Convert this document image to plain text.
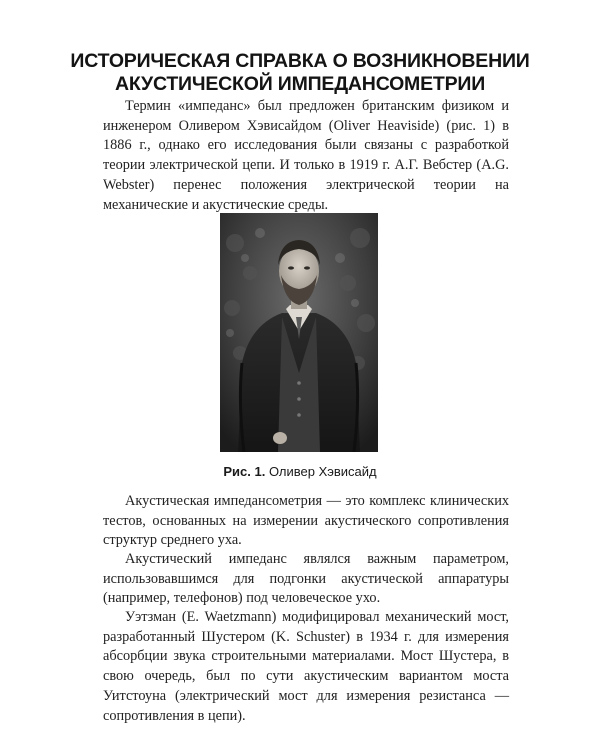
ИСТОРИЧЕСКАЯ СПРАВКА О ВОЗНИКНОВЕНИИ
АКУСТИЧЕСКОЙ ИМПЕДАНСОМЕТРИИ

Термин «импеданс» был предложен британским физиком и инженером Оливером Хэвисайдом (Oliver Heaviside) (рис. 1) в 1886 г., однако его исследования были связаны с разработкой теории электрической цепи. И только в 1919 г. А.Г. Вебстер (A.G. Webster) перенес положения электрической теории на механические и акустические среды.

Рис. 1. Оливер Хэвисайд

Акустическая импедансометрия — это комплекс клинических тестов, основанных на измерении акустического сопротивления структур среднего уха.

Акустический импеданс являлся важным параметром, использовавшимся для подгонки акустической аппаратуры (например, телефонов) под человеческое ухо.

Уэтзман (E. Waetzmann) модифицировал механический мост, разработанный Шустером (K. Schuster) в 1934 г. для измерения абсорбции звука строительными материалами. Мост Шустера, в свою очередь, был по сути акустическим вариантом моста Уитстоуна (электрический мост для измерения резистанса — сопротивления в цепи).
